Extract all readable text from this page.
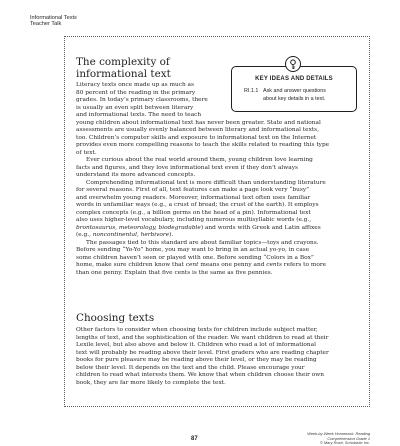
Informational Texts
Teacher Talk
The complexity of
informational text	KEY IDEAS AND DETAILS
RI.1.1 Ask and answer questions
about key details in a text.
Literacy texts once made up as much as
80 percent of the reading in the primary
grades. In today’s primary classrooms, there
is usually an even split between literary
and informational texts. The need to teach
young children about informational text has never been greater. State and national
assessments are usually evenly balanced between literary and informational texts,
too. Children’s computer skills and exposure to informational text on the Internet
provides even more compelling reasons to teach the skills related to reading this type
of text.
Ever curious about the real world around them, young children love learning
facts and figures, and they love informational text even if they don’t always
understand its more advanced concepts.
Comprehending informational text is more difficult than understanding literature
for several reasons. First of all, text features can make a page look very “busy”
and overwhelm young readers. Moreover, informational text often uses familiar
words in unfamiliar ways (e.g., a crust of bread; the crust of the earth). It employs
complex concepts (e.g., a billion germs on the head of a pin). Informational text
also uses higher-level vocabulary, including numerous multisyllabic words (e.g.,
brontosaurus, meteorology, biodegradable) and words with Greek and Latin affixes
(e.g., noncontinental, herbivore).
The passages tied to this standard are about familiar topics—toys and crayons.
Before sending “Yo-Yo” home, you may want to bring in an actual yo-yo, in case
some children haven’t seen or played with one. Before sending “Colors in a Box”
home, make sure children know that cent means one penny and cents refers to more
than one penny. Explain that five cents is the same as five pennies.
Choosing texts
Other factors to consider when choosing texts for children include subject matter,
lengths of text, and the sophistication of the reader. We want children to read at their
Lexile level, but also above and below it. Children who read a lot of informational
text will probably be reading above their level. First graders who are reading chapter
books for pure pleasure may be reading above their level, or they may be reading
below their level. It depends on the text and the child. Please encourage your
children to read what interests them. We know that when children choose their own
book, they are far more likely to complete the text.
87
Week-by-Week Homework: Reading Comprehension Grade 1
© Mary Rose, Scholastic Inc.
